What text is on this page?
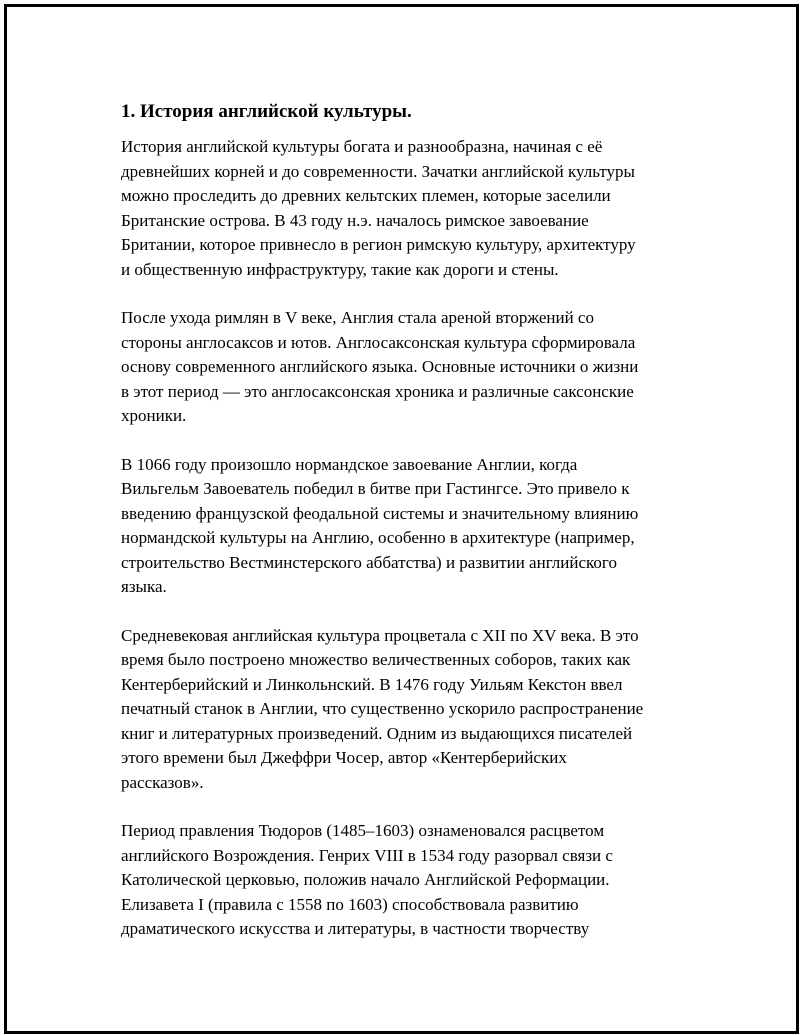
1. История английской культуры.
История английской культуры богата и разнообразна, начиная с её
древнейших корней и до современности. Зачатки английской культуры
можно проследить до древних кельтских племен, которые заселили
Британские острова. В 43 году н.э. началось римское завоевание
Британии, которое привнесло в регион римскую культуру, архитектуру
и общественную инфраструктуру, такие как дороги и стены.
После ухода римлян в V веке, Англия стала ареной вторжений со
стороны англосаксов и ютов. Англосаксонская культура сформировала
основу современного английского языка. Основные источники о жизни
в этот период — это англосаксонская хроника и различные саксонские
хроники.
В 1066 году произошло нормандское завоевание Англии, когда
Вильгельм Завоеватель победил в битве при Гастингсе. Это привело к
введению французской феодальной системы и значительному влиянию
нормандской культуры на Англию, особенно в архитектуре (например,
строительство Вестминстерского аббатства) и развитии английского
языка.
Средневековая английская культура процветала с XII по XV века. В это
время было построено множество величественных соборов, таких как
Кентерберийский и Линкольнский. В 1476 году Уильям Кекстон ввел
печатный станок в Англии, что существенно ускорило распространение
книг и литературных произведений. Одним из выдающихся писателей
этого времени был Джеффри Чосер, автор «Кентерберийских
рассказов».
Период правления Тюдоров (1485–1603) ознаменовался расцветом
английского Возрождения. Генрих VIII в 1534 году разорвал связи с
Католической церковью, положив начало Английской Реформации.
Елизавета I (правила с 1558 по 1603) способствовала развитию
драматического искусства и литературы, в частности творчеству
